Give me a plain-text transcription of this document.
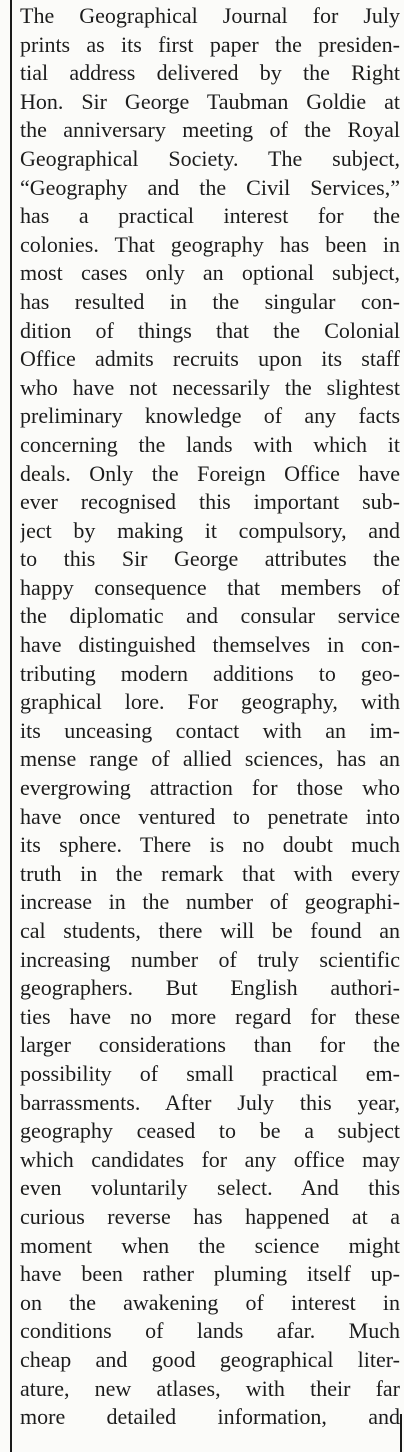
The Geographical Journal for July
prints as its first paper the presiden-
tial address delivered by the Right
Hon. Sir George Taubman Goldie at
the anniversary meeting of the Royal
Geographical Society. The subject,
“Geography and the Civil Services,”
has a practical interest for the
colonies. That geography has been in
most cases only an optional subject,
has resulted in the singular con-
dition of things that the Colonial
Office admits recruits upon its staff
who have not necessarily the slightest
preliminary knowledge of any facts
concerning the lands with which it
deals. Only the Foreign Office have
ever recognised this important sub-
ject by making it compulsory, and
to this Sir George attributes the
happy consequence that members of
the diplomatic and consular service
have distinguished themselves in con-
tributing modern additions to geo-
graphical lore. For geography, with
its unceasing contact with an im-
mense range of allied sciences, has an
evergrowing attraction for those who
have once ventured to penetrate into
its sphere. There is no doubt much
truth in the remark that with every
increase in the number of geographi-
cal students, there will be found an
increasing number of truly scientific
geographers. But English authori-
ties have no more regard for these
larger considerations than for the
possibility of small practical em-
barrassments. After July this year,
geography ceased to be a subject
which candidates for any office may
even voluntarily select. And this
curious reverse has happened at a
moment when the science might
have been rather pluming itself up-
on the awakening of interest in
conditions of lands afar. Much
cheap and good geographical liter-
ature, new atlases, with their far
more detailed information, and
